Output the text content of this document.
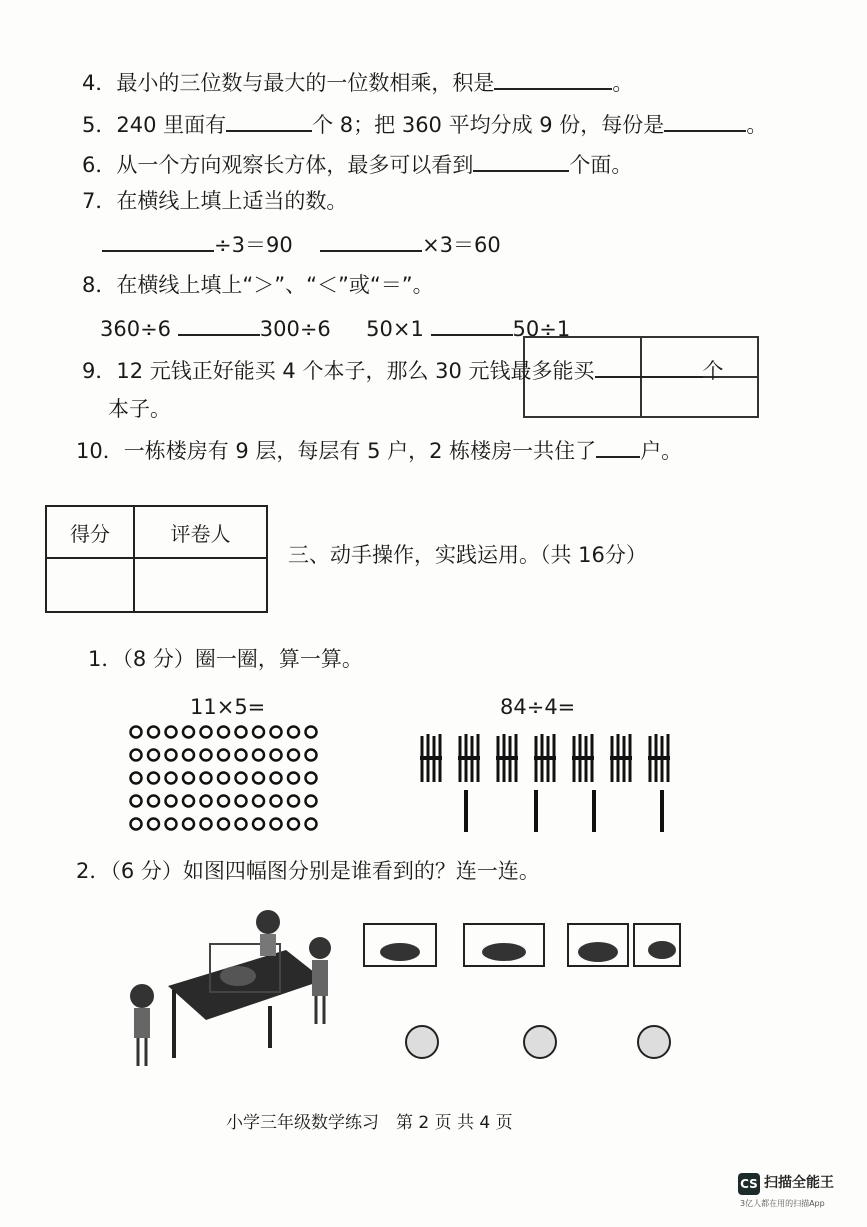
4．最小的三位数与最大的一位数相乘，积是	。
5．240 里面有	个 8；把 360 平均分成 9 份，每份是	。
6．从一个方向观察长方体，最多可以看到	个面。
7．在横线上填上适当的数。
÷3＝90	×3＝60
8．在横线上填上“＞”、“＜”或“＝”。
360÷6	300÷6 50×1	50÷1
9．12 元钱正好能买 4 个本子，那么 30 元钱最多能买	个
本子。
10．一栋楼房有 9 层，每层有 5 户，2 栋楼房一共住了 户。
得分	评卷人

三、动手操作，实践运用。（共 16分）
1．（8 分）圈一圈，算一算。
11×5=	84÷4=
2．（6 分）如图四幅图分别是谁看到的？连一连。
小学三年级数学练习　第 2 页 共 4 页
CS 扫描全能王
3亿人都在用的扫描App
